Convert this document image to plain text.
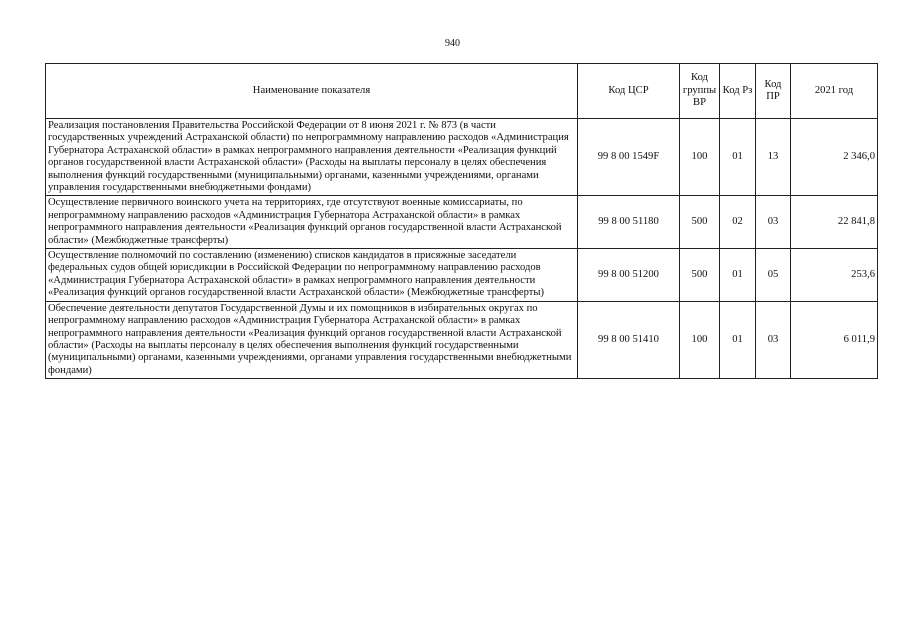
940
Наименование показателя	Код ЦСР	Код группы ВР	Код Рз	Код ПР	2021 год
Реализация постановления Правительства Российской Федерации от 8 июня 2021 г. № 873 (в части государственных учреждений Астраханской области) по непрограммному направлению расходов «Администрация Губернатора Астраханской области» в рамках непрограммного направления деятельности «Реализация функций органов государственной власти Астраханской области» (Расходы на выплаты персоналу в целях обеспечения выполнения функций государственными (муниципальными) органами, казенными учреждениями, органами управления государственными внебюджетными фондами)	99 8 00 1549F	100	01	13	2 346,0
Осуществление первичного воинского учета на территориях, где отсутствуют военные комиссариаты, по непрограммному направлению расходов «Администрация Губернатора Астраханской области» в рамках непрограммного направления деятельности «Реализация функций органов государственной власти Астраханской области» (Межбюджетные трансферты)	99 8 00 51180	500	02	03	22 841,8
Осуществление полномочий по составлению (изменению) списков кандидатов в присяжные заседатели федеральных судов общей юрисдикции в Российской Федерации по непрограммному направлению расходов «Администрация Губернатора Астраханской области» в рамках непрограммного направления деятельности «Реализация функций органов государственной власти Астраханской области» (Межбюджетные трансферты)	99 8 00 51200	500	01	05	253,6
Обеспечение деятельности депутатов Государственной Думы и их помощников в избирательных округах по непрограммному направлению расходов «Администрация Губернатора Астраханской области» в рамках непрограммного направления деятельности «Реализация функций органов государственной власти Астраханской области» (Расходы на выплаты персоналу в целях обеспечения выполнения функций государственными (муниципальными) органами, казенными учреждениями, органами управления государственными внебюджетными фондами)	99 8 00 51410	100	01	03	6 011,9
